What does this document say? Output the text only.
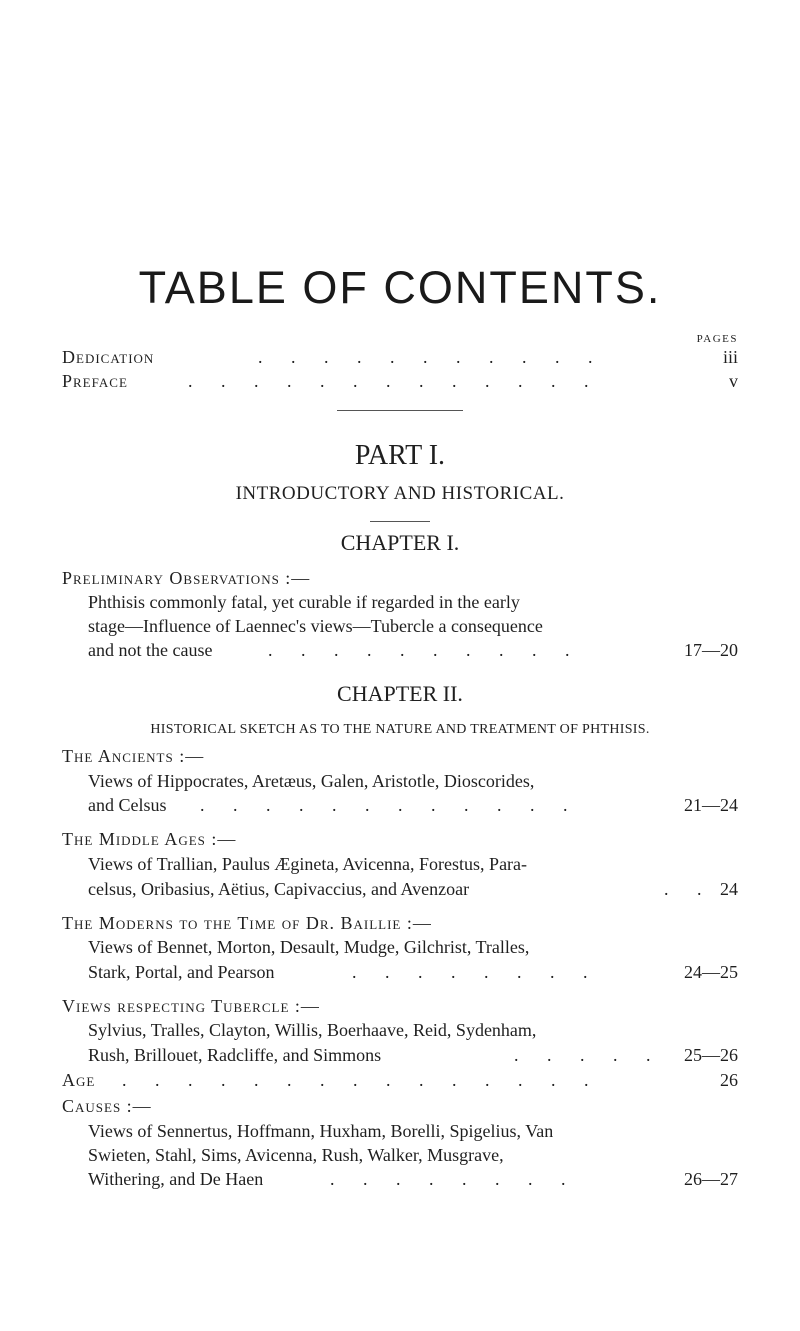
TABLE OF CONTENTS.
PAGES
Dedication	. . . . . . . . . . .	iii
Preface	. . . . . . . . . . . . .	v
PART I.
INTRODUCTORY AND HISTORICAL.
CHAPTER I.
Preliminary Observations :—
Phthisis commonly fatal, yet curable if regarded in the early
stage—Influence of Laennec's views—Tubercle a consequence
and not the cause	. . . . . . . . . .	17—20
CHAPTER II.
HISTORICAL SKETCH AS TO THE NATURE AND TREATMENT OF PHTHISIS.
The Ancients :—
Views of Hippocrates, Aretæus, Galen, Aristotle, Dioscorides,
and Celsus . . . . . . . . . . . .	21—24
The Middle Ages :—
Views of Trallian, Paulus Ægineta, Avicenna, Forestus, Para-
celsus, Oribasius, Aëtius, Capivaccius, and Avenzoar	. . 24
The Moderns to the Time of Dr. Baillie :—
Views of Bennet, Morton, Desault, Mudge, Gilchrist, Tralles,
Stark, Portal, and Pearson	. . . . . . . .	24—25
Views respecting Tubercle :—
Sylvius, Tralles, Clayton, Willis, Boerhaave, Reid, Sydenham,
Rush, Brillouet, Radcliffe, and Simmons	. . . . . 25—26
Age . . . . . . . . . . . . . . .	26
Causes :—
Views of Sennertus, Hoffmann, Huxham, Borelli, Spigelius, Van
Swieten, Stahl, Sims, Avicenna, Rush, Walker, Musgrave,
Withering, and De Haen	. . . . . . . .	26—27
